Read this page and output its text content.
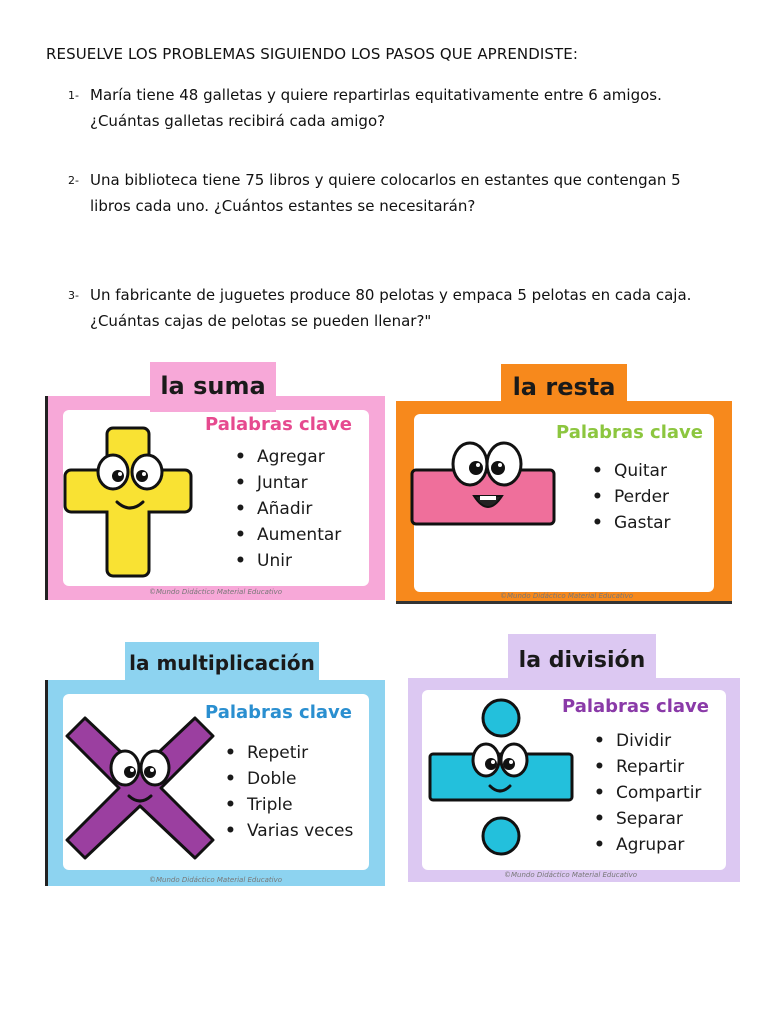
RESUELVE LOS PROBLEMAS SIGUIENDO LOS PASOS QUE APRENDISTE:
1- María tiene 48 galletas y quiere repartirlas equitativamente entre 6 amigos.
¿Cuántas galletas recibirá cada amigo?
2- Una biblioteca tiene 75 libros y quiere colocarlos en estantes que contengan 5
libros cada uno. ¿Cuántos estantes se necesitarán?
3- Un fabricante de juguetes produce 80 pelotas y empaca 5 pelotas en cada caja.
¿Cuántas cajas de pelotas se pueden llenar?"
la suma
Palabras clave
• Agregar
• Juntar
• Añadir
• Aumentar
• Unir
©Mundo Didáctico Material Educativo
la resta
Palabras clave
• Quitar
• Perder
• Gastar
©Mundo Didáctico Material Educativo
la multiplicación
Palabras clave
• Repetir
• Doble
• Triple
• Varias veces
©Mundo Didáctico Material Educativo
la división
Palabras clave
• Dividir
• Repartir
• Compartir
• Separar
• Agrupar
©Mundo Didáctico Material Educativo
